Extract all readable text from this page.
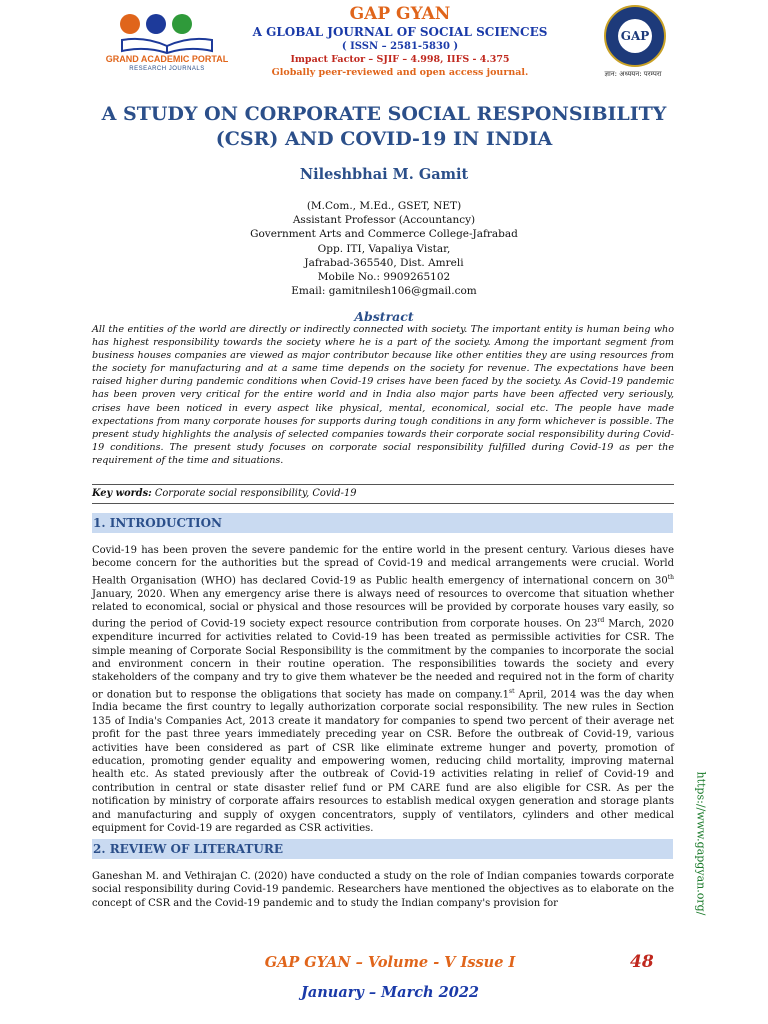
GRAND ACADEMIC PORTAL
RESEARCH JOURNALS
GAP GYAN
A GLOBAL JOURNAL OF SOCIAL SCIENCES
( ISSN – 2581-5830 )
Impact Factor – SJIF – 4.998, IIFS - 4.375
Globally peer-reviewed and open access journal.
GAP
ज्ञान: अध्ययन: परम्परा
A STUDY ON CORPORATE SOCIAL RESPONSIBILITY (CSR) AND COVID-19 IN INDIA
Nileshbhai M. Gamit
(M.Com., M.Ed., GSET, NET)
Assistant Professor (Accountancy)
Government Arts and Commerce College-Jafrabad
Opp. ITI, Vapaliya Vistar,
Jafrabad-365540, Dist. Amreli
Mobile No.: 9909265102
Email: gamitnilesh106@gmail.com
Abstract
All the entities of the world are directly or indirectly connected with society. The important entity is human being who has highest responsibility towards the society where he is a part of the society. Among the important segment from business houses companies are viewed as major contributor because like other entities they are using resources from the society for manufacturing and at a same time depends on the society for revenue. The expectations have been raised higher during pandemic conditions when Covid-19 crises have been faced by the society. As Covid-19 pandemic has been proven very critical for the entire world and in India also major parts have been affected very seriously, crises have been noticed in every aspect like physical, mental, economical, social etc. The people have made expectations from many corporate houses for supports during tough conditions in any form whichever is possible. The present study highlights the analysis of selected companies towards their corporate social responsibility during Covid-19 conditions. The present study focuses on corporate social responsibility fulfilled during Covid-19 as per the requirement of the time and situations.
Key words: Corporate social responsibility, Covid-19
1. INTRODUCTION
Covid-19 has been proven the severe pandemic for the entire world in the present century. Various dieses have become concern for the authorities but the spread of Covid-19 and medical arrangements were crucial. World Health Organisation (WHO) has declared Covid-19 as Public health emergency of international concern on 30th January, 2020. When any emergency arise there is always need of resources to overcome that situation whether related to economical, social or physical and those resources will be provided by corporate houses vary easily, so during the period of Covid-19 society expect resource contribution from corporate houses. On 23rd March, 2020 expenditure incurred for activities related to Covid-19 has been treated as permissible activities for CSR. The simple meaning of Corporate Social Responsibility is the commitment by the companies to incorporate the social and environment concern in their routine operation. The responsibilities towards the society and every stakeholders of the company and try to give them whatever be the needed and required not in the form of charity or donation but to response the obligations that society has made on company.1st April, 2014 was the day when India became the first country to legally authorization corporate social responsibility. The new rules in Section 135 of India's Companies Act, 2013 create it mandatory for companies to spend two percent of their average net profit for the past three years immediately preceding year on CSR. Before the outbreak of Covid-19, various activities have been considered as part of CSR like eliminate extreme hunger and poverty, promotion of education, promoting gender equality and empowering women, reducing child mortality, improving maternal health etc. As stated previously after the outbreak of Covid-19 activities relating in relief of Covid-19 and contribution in central or state disaster relief fund or PM CARE fund are also eligible for CSR. As per the notification by ministry of corporate affairs resources to establish medical oxygen generation and storage plants and manufacturing and supply of oxygen concentrators, supply of ventilators, cylinders and other medical equipment for Covid-19 are regarded as CSR activities.
2. REVIEW OF LITERATURE
Ganeshan M. and Vethirajan C. (2020) have conducted a study on the role of Indian companies towards corporate social responsibility during Covid-19 pandemic. Researchers have mentioned the objectives as to elaborate on the concept of CSR and the Covid-19 pandemic and to study the Indian company's provision for	https://www.gapgyan.org/
GAP GYAN – Volume - V Issue I	48
January – March 2022
